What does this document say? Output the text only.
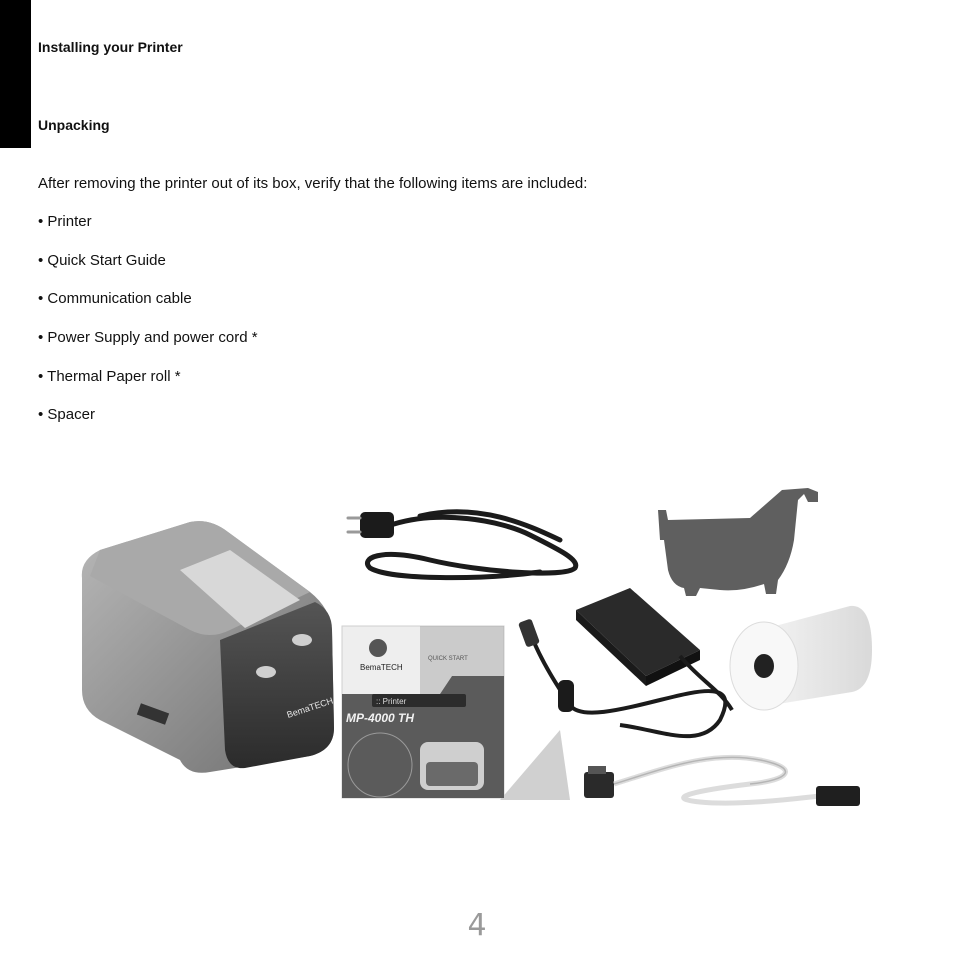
Installing your Printer
Unpacking
After removing the printer out of its box, verify that the following items are included:
• Printer
• Quick Start Guide
• Communication cable
• Power Supply and power cord *
• Thermal Paper roll *
• Spacer
BemaTECH
BemaTECH
QUICK START
:: Printer
MP-4000 TH
4
